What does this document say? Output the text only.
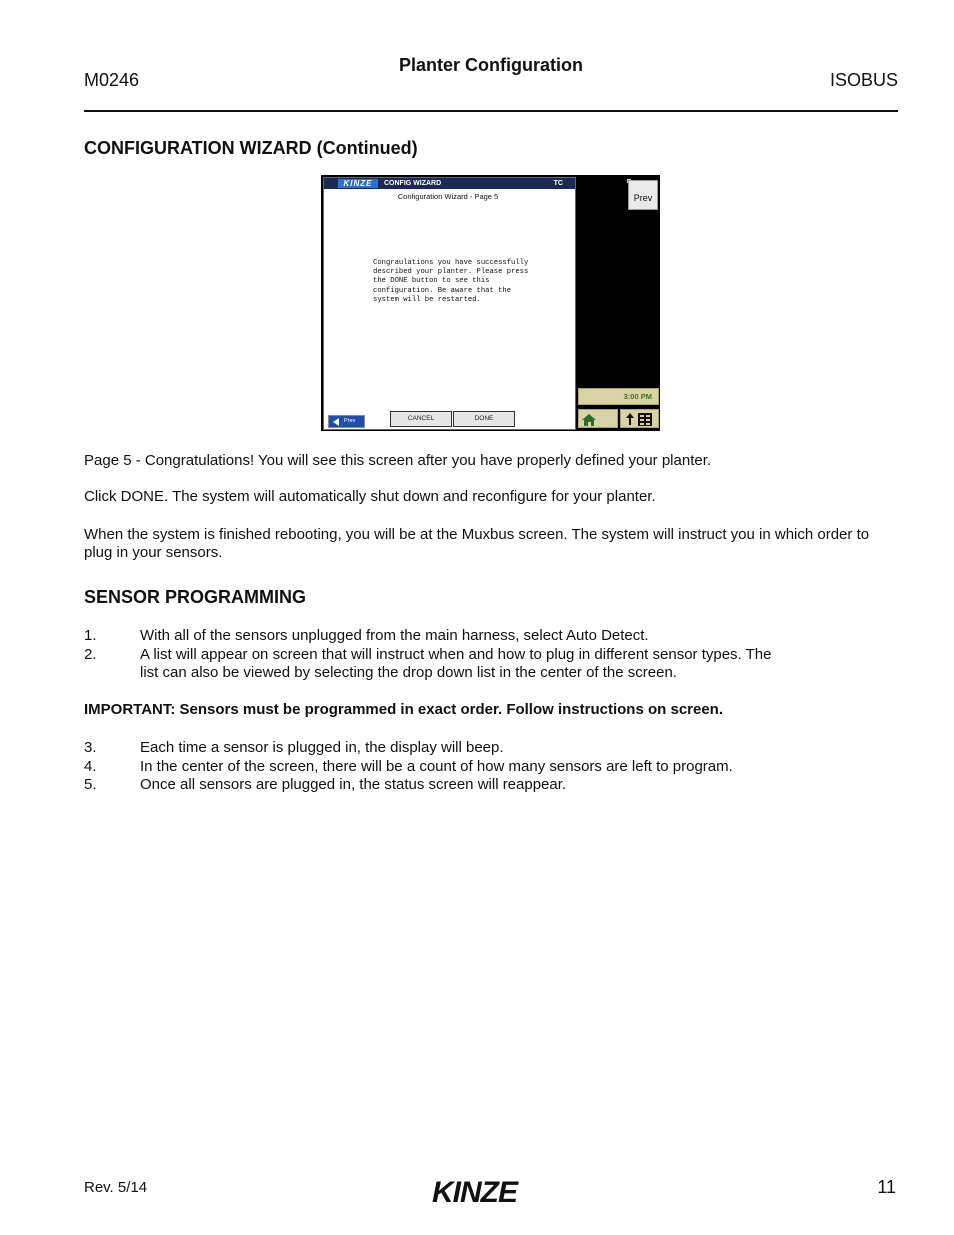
M0246
Planter Configuration
ISOBUS
CONFIGURATION WIZARD (Continued)
KINZE	CONFIG WIZARD	TC
Configuration Wizard - Page 5
Congraulations you have successfully
described your planter. Please press
the DONE button to see this
configuration. Be aware that the
system will be restarted.
Prev	CANCEL	DONE
Prev
3:00 PM
Page 5 - Congratulations! You will see this screen after you have properly defined your planter.
Click DONE. The system will automatically shut down and reconfigure for your planter.
When the system is finished rebooting, you will be at the Muxbus screen. The system will instruct you in which order to plug in your sensors.
SENSOR PROGRAMMING
1.	With all of the sensors unplugged from the main harness, select Auto Detect.
2.	A list will appear on screen that will instruct when and how to plug in different sensor types. The list can also be viewed by selecting the drop down list in the center of the screen.
IMPORTANT: Sensors must be programmed in exact order. Follow instructions on screen.
3.	Each time a sensor is plugged in, the display will beep.
4.	In the center of the screen, there will be a count of how many sensors are left to program.
5.	Once all sensors are plugged in, the status screen will reappear.
Rev. 5/14	KINZE	11
